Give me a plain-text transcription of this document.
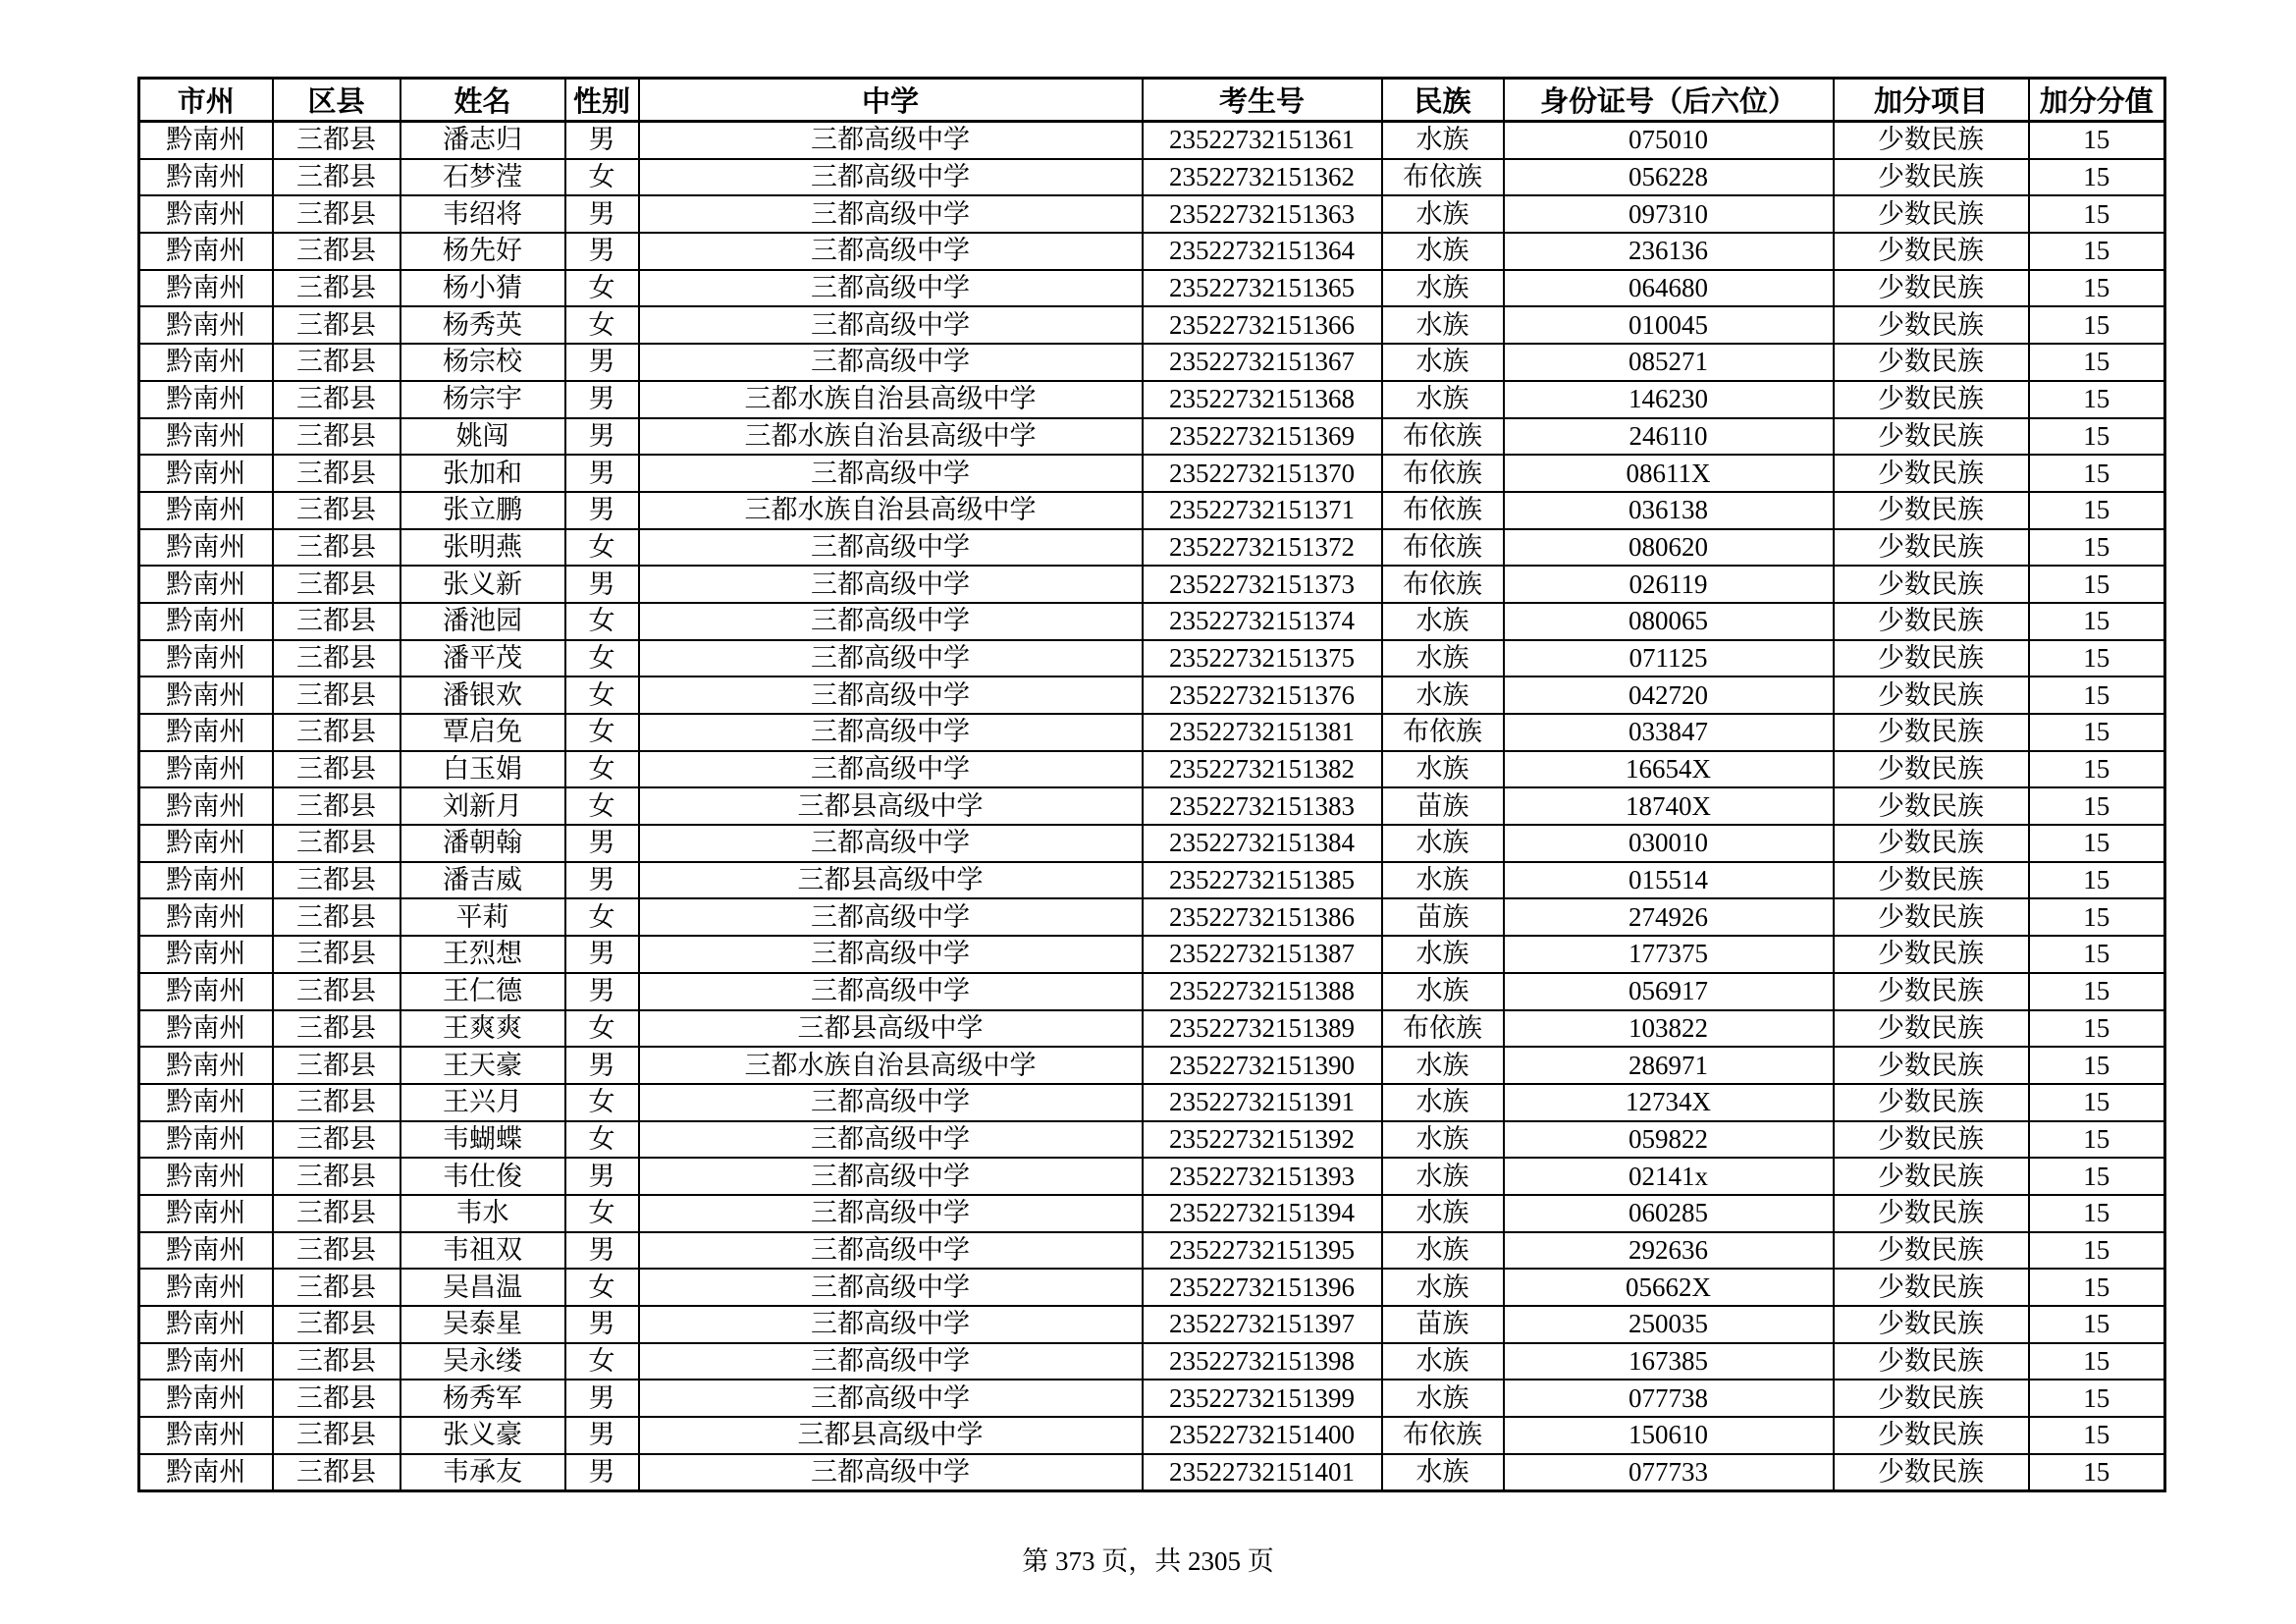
市州	区县	姓名	性别	中学	考生号	民族	身份证号（后六位）	加分项目	加分分值
黔南州	三都县	潘志归	男	三都高级中学	23522732151361	水族	075010	少数民族	15
黔南州	三都县	石梦滢	女	三都高级中学	23522732151362	布依族	056228	少数民族	15
黔南州	三都县	韦绍将	男	三都高级中学	23522732151363	水族	097310	少数民族	15
黔南州	三都县	杨先好	男	三都高级中学	23522732151364	水族	236136	少数民族	15
黔南州	三都县	杨小猜	女	三都高级中学	23522732151365	水族	064680	少数民族	15
黔南州	三都县	杨秀英	女	三都高级中学	23522732151366	水族	010045	少数民族	15
黔南州	三都县	杨宗校	男	三都高级中学	23522732151367	水族	085271	少数民族	15
黔南州	三都县	杨宗宇	男	三都水族自治县高级中学	23522732151368	水族	146230	少数民族	15
黔南州	三都县	姚闯	男	三都水族自治县高级中学	23522732151369	布依族	246110	少数民族	15
黔南州	三都县	张加和	男	三都高级中学	23522732151370	布依族	08611X	少数民族	15
黔南州	三都县	张立鹏	男	三都水族自治县高级中学	23522732151371	布依族	036138	少数民族	15
黔南州	三都县	张明燕	女	三都高级中学	23522732151372	布依族	080620	少数民族	15
黔南州	三都县	张义新	男	三都高级中学	23522732151373	布依族	026119	少数民族	15
黔南州	三都县	潘池园	女	三都高级中学	23522732151374	水族	080065	少数民族	15
黔南州	三都县	潘平茂	女	三都高级中学	23522732151375	水族	071125	少数民族	15
黔南州	三都县	潘银欢	女	三都高级中学	23522732151376	水族	042720	少数民族	15
黔南州	三都县	覃启免	女	三都高级中学	23522732151381	布依族	033847	少数民族	15
黔南州	三都县	白玉娟	女	三都高级中学	23522732151382	水族	16654X	少数民族	15
黔南州	三都县	刘新月	女	三都县高级中学	23522732151383	苗族	18740X	少数民族	15
黔南州	三都县	潘朝翰	男	三都高级中学	23522732151384	水族	030010	少数民族	15
黔南州	三都县	潘吉威	男	三都县高级中学	23522732151385	水族	015514	少数民族	15
黔南州	三都县	平莉	女	三都高级中学	23522732151386	苗族	274926	少数民族	15
黔南州	三都县	王烈想	男	三都高级中学	23522732151387	水族	177375	少数民族	15
黔南州	三都县	王仁德	男	三都高级中学	23522732151388	水族	056917	少数民族	15
黔南州	三都县	王爽爽	女	三都县高级中学	23522732151389	布依族	103822	少数民族	15
黔南州	三都县	王天豪	男	三都水族自治县高级中学	23522732151390	水族	286971	少数民族	15
黔南州	三都县	王兴月	女	三都高级中学	23522732151391	水族	12734X	少数民族	15
黔南州	三都县	韦蝴蝶	女	三都高级中学	23522732151392	水族	059822	少数民族	15
黔南州	三都县	韦仕俊	男	三都高级中学	23522732151393	水族	02141x	少数民族	15
黔南州	三都县	韦水	女	三都高级中学	23522732151394	水族	060285	少数民族	15
黔南州	三都县	韦祖双	男	三都高级中学	23522732151395	水族	292636	少数民族	15
黔南州	三都县	吴昌温	女	三都高级中学	23522732151396	水族	05662X	少数民族	15
黔南州	三都县	吴泰星	男	三都高级中学	23522732151397	苗族	250035	少数民族	15
黔南州	三都县	吴永缕	女	三都高级中学	23522732151398	水族	167385	少数民族	15
黔南州	三都县	杨秀军	男	三都高级中学	23522732151399	水族	077738	少数民族	15
黔南州	三都县	张义豪	男	三都县高级中学	23522732151400	布依族	150610	少数民族	15
黔南州	三都县	韦承友	男	三都高级中学	23522732151401	水族	077733	少数民族	15
第 373 页，共 2305 页
